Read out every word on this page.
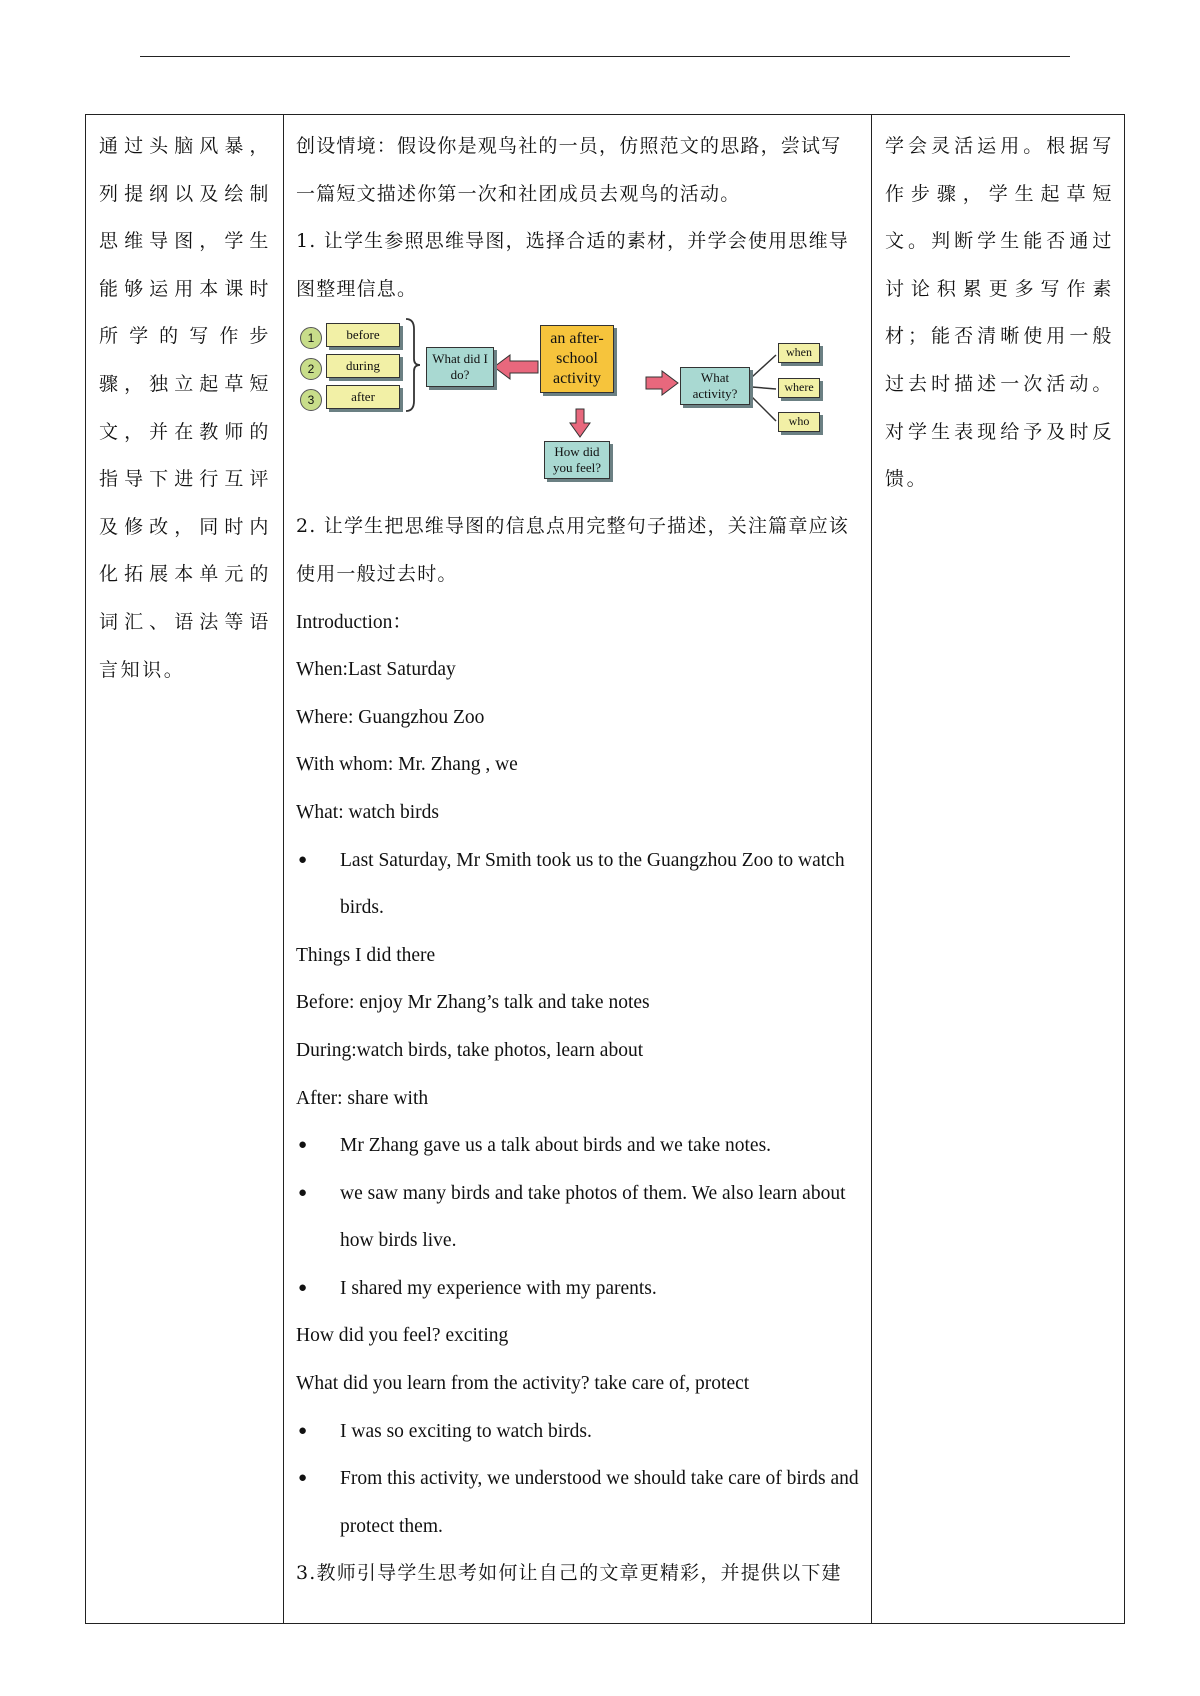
通过头脑风暴，列提纲以及绘制思维导图，学生能够运用本课时所学的写作步骤，独立起草短文，并在教师的指导下进行互评及修改，同时内化拓展本单元的词汇、语法等语言知识。

创设情境：假设你是观鸟社的一员，仿照范文的思路，尝试写一篇短文描述你第一次和社团成员去观鸟的活动。

1. 让学生参照思维导图，选择合适的素材，并学会使用思维导图整理信息。

1
2
3
before
during
after
What did I do?
an after-school activity	What activity?
when
where
who
How did you feel?

2. 让学生把思维导图的信息点用完整句子描述，关注篇章应该使用一般过去时。

Introduction：

When:Last Saturday

Where: Guangzhou Zoo

With whom: Mr. Zhang , we

What: watch birds

●	Last Saturday, Mr Smith took us to the Guangzhou Zoo to watch birds.

Things I did there

Before: enjoy Mr Zhang’s talk and take notes

During:watch birds, take photos, learn about

After: share with

●	Mr Zhang gave us a talk about birds and we take notes.
●	we saw many birds and take photos of them. We also learn about how birds live.
●	I shared my experience with my parents.

How did you feel? exciting

What did you learn from the activity? take care of, protect

●	I was so exciting to watch birds.
●	From this activity, we understood we should take care of birds and protect them.

3.教师引导学生思考如何让自己的文章更精彩，并提供以下建

学会灵活运用。根据写作步骤，学生起草短文。判断学生能否通过讨论积累更多写作素材；能否清晰使用一般过去时描述一次活动。对学生表现给予及时反馈。
